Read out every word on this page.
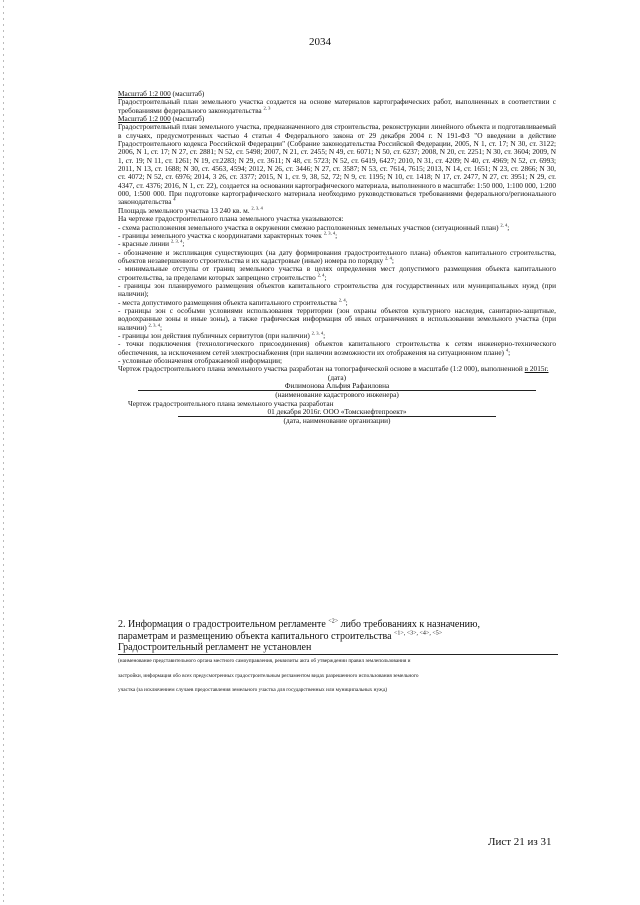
2034

Масштаб 1:2 000 (масштаб)

Градостроительный план земельного участка создается на основе материалов картографических работ, выполненных в соответствии с требованиями федерального законодательства $^{2, 3}$

Масштаб 1:2 000 (масштаб)

Градостроительный план земельного участка, предназначенного для строительства, реконструкции линейного объекта и подготавливаемый в случаях, предусмотренных частью 4 статьи 4 Федерального закона от 29 декабря 2004 г. N 191-ФЗ "О введении в действие Градостроительного кодекса Российской Федерации" (Собрание законодательства Российской Федерации, 2005, N 1, ст. 17; N 30, ст. 3122; 2006, N 1, ст. 17; N 27, ст. 2881; N 52, ст. 5498; 2007, N 21, ст. 2455; N 49, ст. 6071; N 50, ст. 6237; 2008, N 20, ст. 2251; N 30, ст. 3604; 2009, N 1, ст. 19; N 11, ст. 1261; N 19, ст.2283; N 29, ст. 3611; N 48, ст. 5723; N 52, ст. 6419, 6427; 2010, N 31, ст. 4209; N 40, ст. 4969; N 52, ст. 6993; 2011, N 13, ст. 1688; N 30, ст. 4563, 4594; 2012, N 26, ст. 3446; N 27, ст. 3587; N 53, ст. 7614, 7615; 2013, N 14, ст. 1651; N 23, ст. 2866; N 30, ст. 4072; N 52, ст. 6976; 2014, 3 26, ст. 3377; 2015, N 1, ст. 9, 38, 52, 72; N 9, ст. 1195; N 10, ст. 1418; N 17, ст. 2477, N 27, ст. 3951; N 29, ст. 4347, ст. 4376; 2016, N 1, ст. 22), создается на основании картографического материала, выполненного в масштабе: 1:50 000, 1:100 000, 1:200 000, 1:500 000. При подготовке картографического материала необходимо руководствоваться требованиями федерального/регионального законодательства $^4$

Площадь земельного участка 13 240 кв. м. $^{2, 3, 4}$

На чертеже градостроительного плана земельного участка указываются:

- схема расположения земельного участка в окружении смежно расположенных земельных участков (ситуационный план) $^{2, 4}$;

- границы земельного участка с координатами характерных точек $^{2, 3, 4}$;

- красные линии $^{2, 3, 4}$;

- обозначение и экспликация существующих (на дату формирования градостроительного плана) объектов капитального строительства, объектов незавершенного строительства и их кадастровые (иные) номера по порядку $^{2, 4}$;

- минимальные отступы от границ земельного участка в целях определения мест допустимого размещения объекта капитального строительства, за пределами которых запрещено строительство $^{2, 4}$;

- границы зон планируемого размещения объектов капитального строительства для государственных или муниципальных нужд (при наличии);

- места допустимого размещения объекта капитального строительства $^{2, 4}$;

- границы зон с особыми условиями использования территории (зон охраны объектов культурного наследия, санитарно-защитные, водоохранные зоны и иные зоны), а также графическая информация об иных ограничениях в использовании земельного участка (при наличии) $^{2, 3, 4}$;

- границы зон действия публичных сервитутов (при наличии) $^{2, 3, 4}$;

- точки подключения (технологического присоединения) объектов капитального строительства к сетям инженерно-технического обеспечения, за исключением сетей электроснабжения (при наличии возможности их отображения на ситуационном плане) $^4$;

- условные обозначения отображаемой информации;

Чертеж градостроительного плана земельного участка разработан на топографической основе в масштабе (1:2 000), выполненной в 2015г.

(дата)

Филимонова Альфия Рафаиловна

(наименование кадастрового инженера)

Чертеж градостроительного плана земельного участка разработан

01 декабря 2016г. ООО «Томскнефтепроект»

(дата, наименование организации)

2. Информация о градостроительном регламенте $^{<2>}$ либо требованиях к назначению,

параметрам и размещению объекта капитального строительства $^{<1>, <3>, <4>, <5>}$

Градостроительный регламент не установлен

(наименование представительного органа местного самоуправления, реквизиты акта об утверждении правил землепользования и

застройки, информация обо всех предусмотренных градостроительным регламентом видах разрешенного использования земельного

участка (за исключением случаев предоставления земельного участка для государственных или муниципальных нужд)

Лист 21 из 31
